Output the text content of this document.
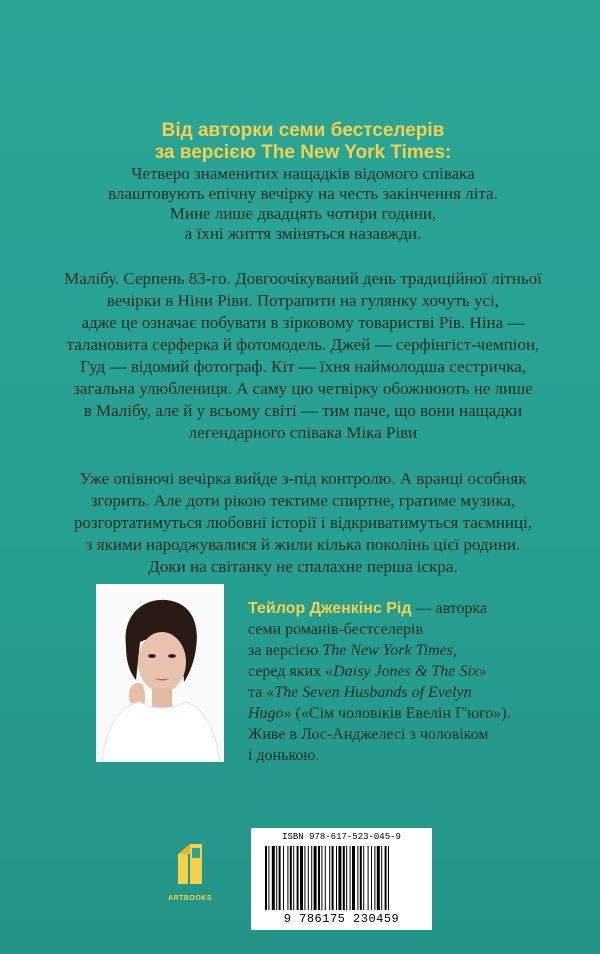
Від авторки семи бестселерів
за версією The New York Times:
Четверо знаменитих нащадків відомого співака
влаштовують епічну вечірку на честь закінчення літа.
Мине лише двадцять чотири години,
а їхні життя зміняться назавжди.
Малібу. Серпень 83-го. Довгоочікуваний день традиційної літньої
вечірки в Ніни Ріви. Потрапити на гулянку хочуть усі,
адже це означає побувати в зірковому товаристві Рів. Ніна —
талановита серферка й фотомодель. Джей — серфінгіст-чемпіон,
Гуд — відомий фотограф. Кіт — їхня наймолодша сестричка,
загальна улюблениця. А саму цю четвірку обожнюють не лише
в Малібу, але й у всьому світі — тим паче, що вони нащадки
легендарного співака Міка Ріви
Уже опівночі вечірка вийде з-під контролю. А вранці особняк
згорить. Але доти рікою тектиме спиртне, гратиме музика,
розгортатимуться любовні історії і відкриватимуться таємниці,
з якими народжувалися й жили кілька поколінь цієї родини.
Доки на світанку не спалахне перша іскра.
Тейлор Дженкінс Рід — авторка
семи романів-бестселерів
за версією The New York Times,
серед яких «Daisy Jones & The Six»
та «The Seven Husbands of Evelyn
Hugo» («Сім чоловіків Евелін Г'юго»).
Живе в Лос-Анджелесі з чоловіком
і донькою.
ARTBOOKS
ISBN 978-617-523-045-9
9 786175 230459
